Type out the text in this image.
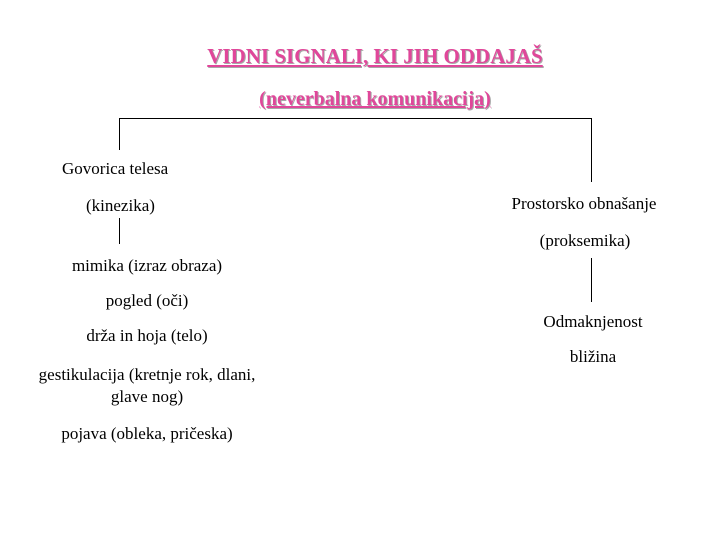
VIDNI SIGNALI, KI JIH ODDAJAŠ
(neverbalna komunikacija)
Govorica telesa
(kinezika)
mimika (izraz obraza)
pogled (oči)
drža in hoja (telo)
gestikulacija (kretnje rok, dlani,
glave nog)
pojava (obleka, pričeska)
Prostorsko obnašanje
(proksemika)
Odmaknjenost
bližina
